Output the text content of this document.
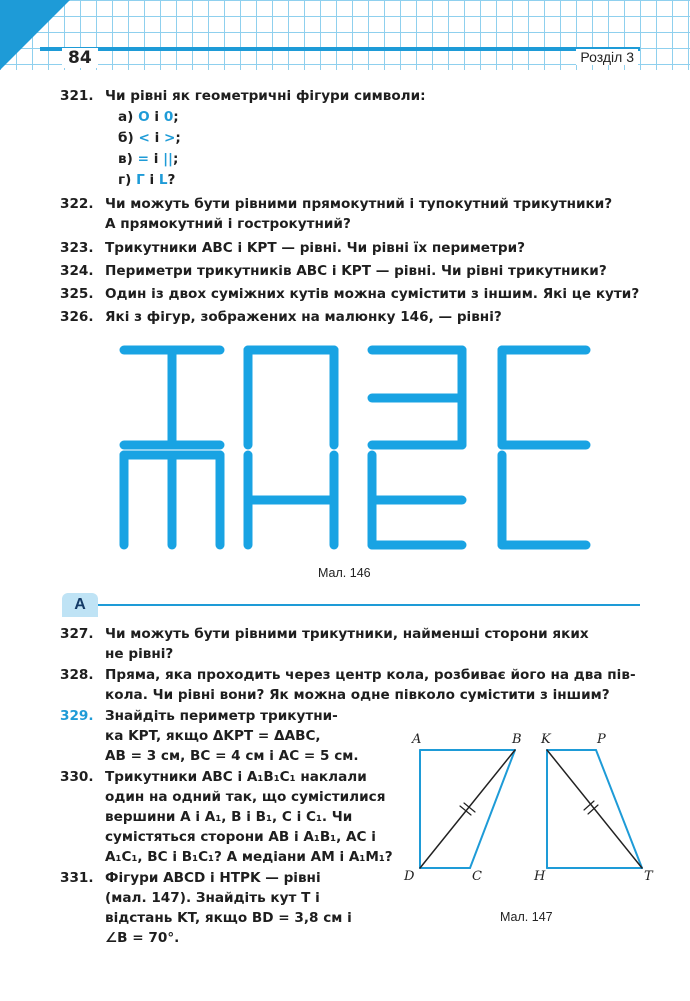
84	Розділ 3
321. Чи рівні як геометричні фігури символи:
а) O і 0;
б) < і >;
в) = і ||;
г) Г і L?
322. Чи можуть бути рівними прямокутний і тупокутний трикутники?
А прямокутний і гострокутний?
323. Трикутники ABC і KPT — рівні. Чи рівні їх периметри?
324. Периметри трикутників ABC і KPT — рівні. Чи рівні трикутники?
325. Один із двох суміжних кутів можна сумістити з іншим. Які це кути?
326. Які з фігур, зображених на малюнку 146, — рівні?
Мал. 146
А
327. Чи можуть бути рівними трикутники, найменші сторони яких
не рівні?
328. Пряма, яка проходить через центр кола, розбиває його на два пів-
кола. Чи рівні вони? Як можна одне півколо сумістити з іншим?
329. Знайдіть периметр трикутни-
ка KPT, якщо ΔKPT = ΔABC,
AB = 3 см, BC = 4 см і AC = 5 см.
330. Трикутники ABC і A₁B₁C₁ наклали
один на одний так, що сумістилися
вершини A і A₁, B і B₁, C і C₁. Чи
сумістяться сторони AB і A₁B₁, AC і
A₁C₁, BC і B₁C₁? А медіани AM і A₁M₁?
331. Фігури ABCD і HTPK — рівні
(мал. 147). Знайдіть кут T і
відстань KT, якщо BD = 3,8 см і
∠B = 70°.
A	B K	P
D	C	H	T
Мал. 147
